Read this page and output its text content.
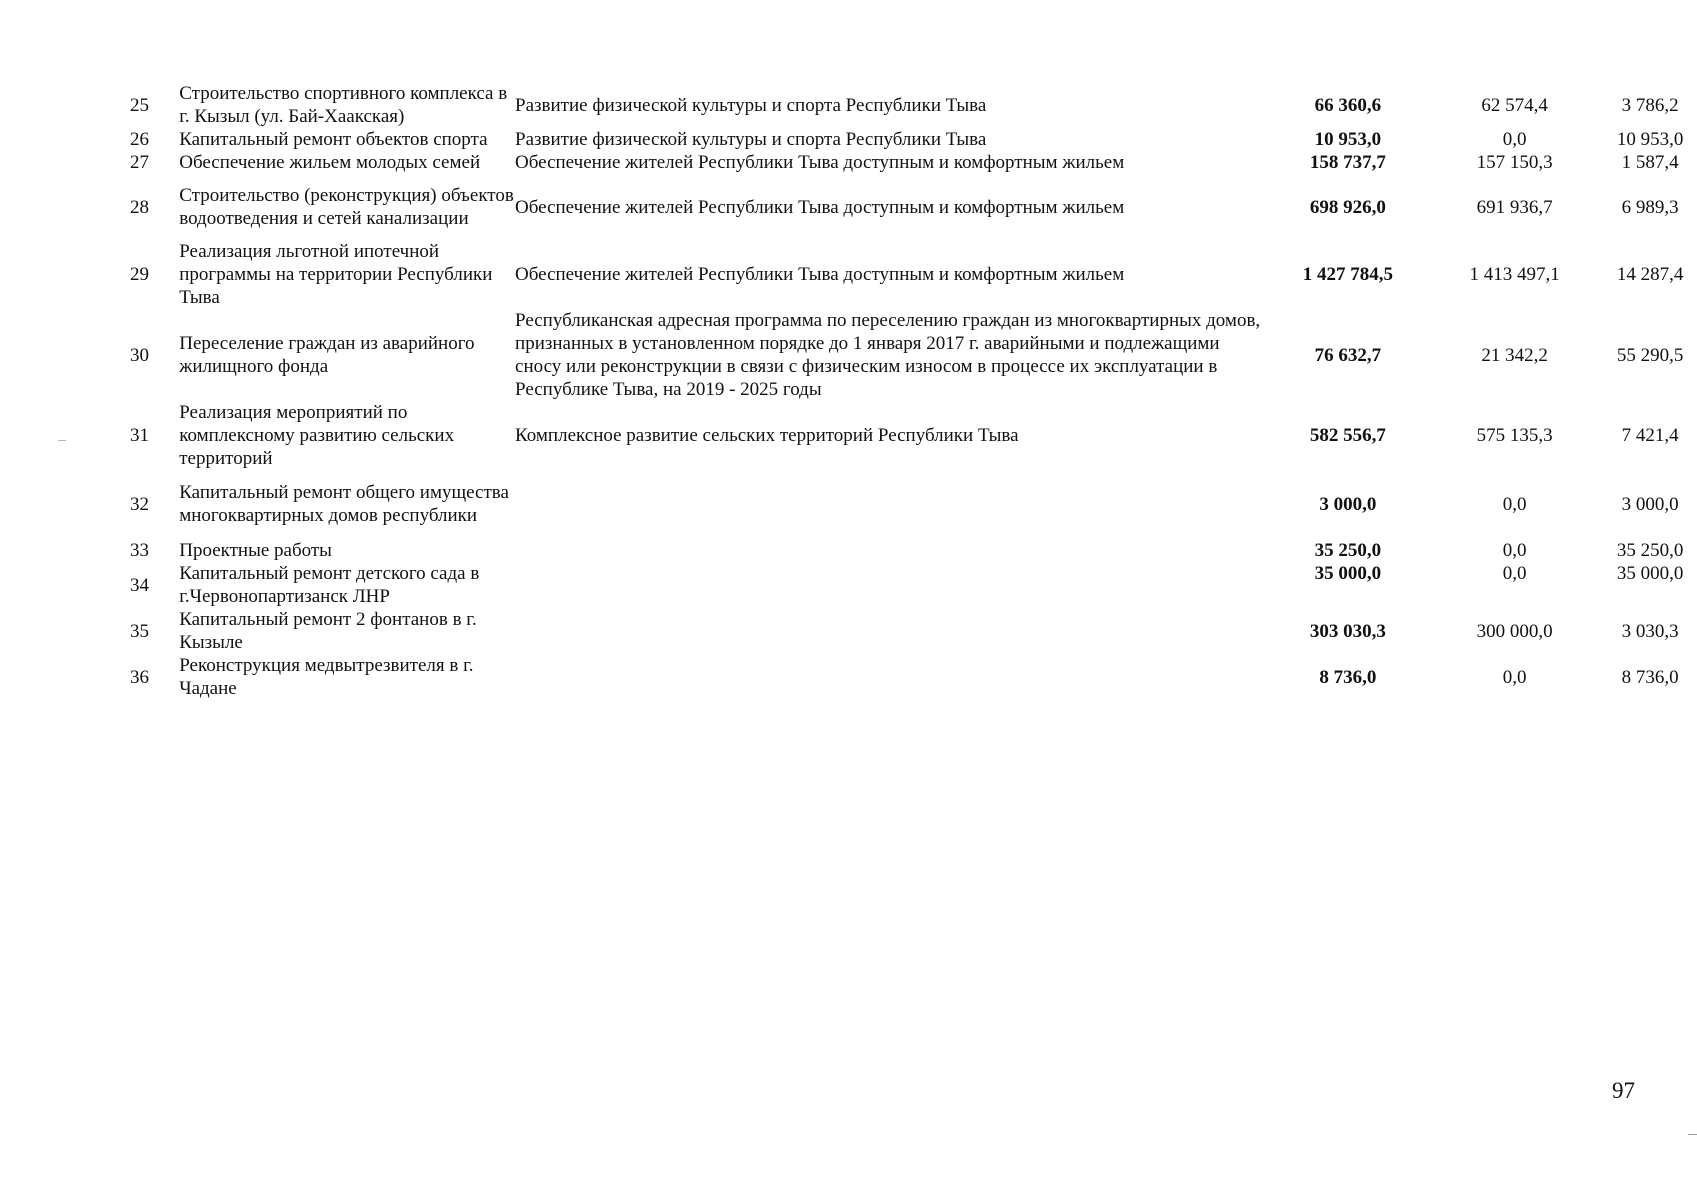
25	Строительство спортивного комплекса в г. Кызыл (ул. Бай-Хаакская)	Развитие физической культуры и спорта Республики Тыва	66 360,6	62 574,4	3 786,2
26	Капитальный ремонт объектов спорта	Развитие физической культуры и спорта Республики Тыва	10 953,0	0,0	10 953,0
27	Обеспечение жильем молодых семей	Обеспечение жителей Республики Тыва доступным и комфортным жильем	158 737,7	157 150,3	1 587,4
28	Строительство (реконструкция) объектов водоотведения и сетей канализации	Обеспечение жителей Республики Тыва доступным и комфортным жильем	698 926,0	691 936,7	6 989,3
29	Реализация льготной ипотечной программы на территории Республики Тыва	Обеспечение жителей Республики Тыва доступным и комфортным жильем	1 427 784,5	1 413 497,1	14 287,4
30	Переселение граждан из аварийного жилищного фонда	Республиканская адресная программа по переселению граждан из многоквартирных домов, признанных в установленном порядке до 1 января 2017 г. аварийными и подлежащими сносу или реконструкции в связи с физическим износом в процессе их эксплуатации в Республике Тыва, на 2019 - 2025 годы	76 632,7	21 342,2	55 290,5
31	Реализация мероприятий по комплексному развитию сельских территорий	Комплексное развитие сельских территорий Республики Тыва	582 556,7	575 135,3	7 421,4
32	Капитальный ремонт общего имущества многоквартирных домов республики		3 000,0	0,0	3 000,0
33	Проектные работы		35 250,0	0,0	35 250,0
34	Капитальный ремонт детского сада в г.Червонопартизанск ЛНР		35 000,0	0,0	35 000,0
35	Капитальный ремонт 2 фонтанов в г. Кызыле		303 030,3	300 000,0	3 030,3
36	Реконструкция медвытрезвителя в г. Чадане		8 736,0	0,0	8 736,0
97
